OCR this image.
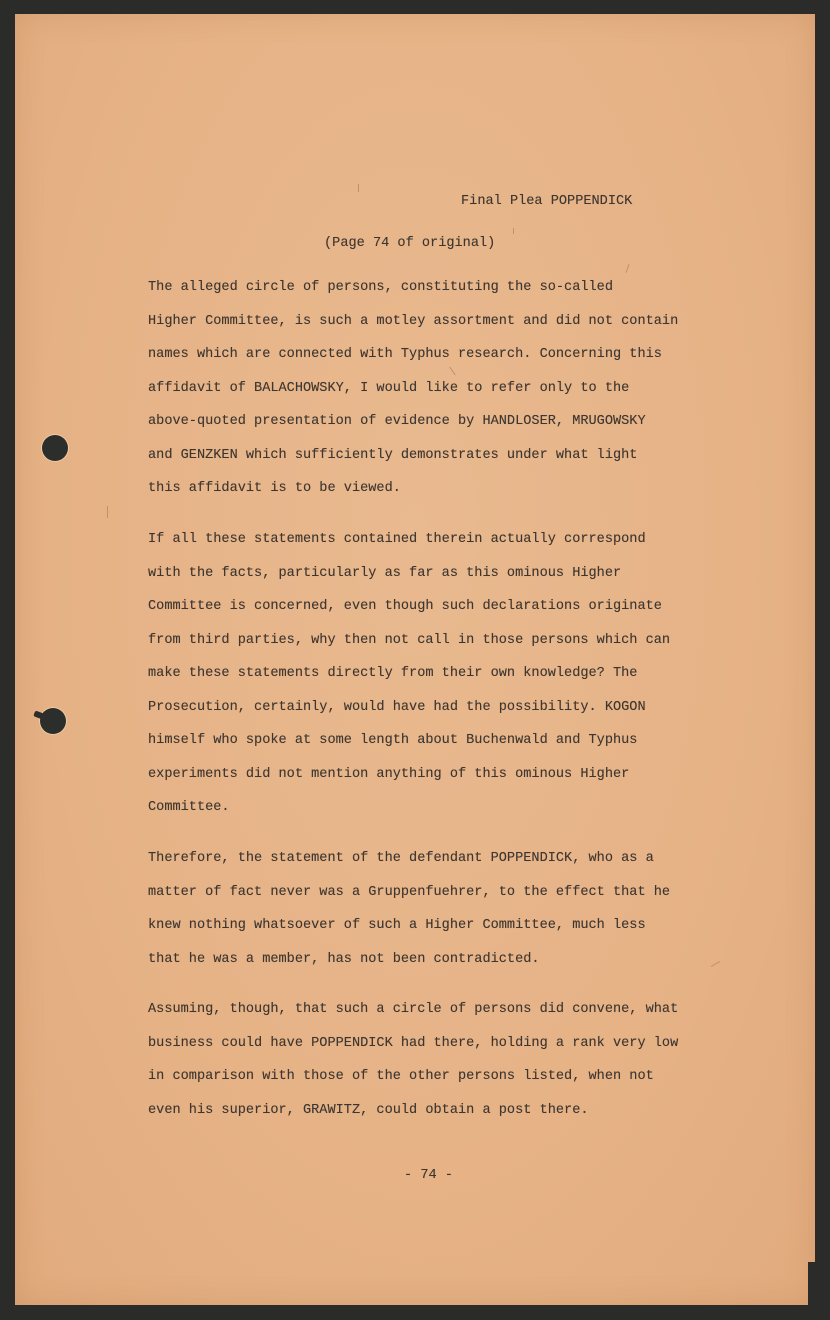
Final Plea POPPENDICK

(Page 74 of original)

The alleged circle of persons, constituting the so-called
Higher Committee, is such a motley assortment and did not contain
names which are connected with Typhus research. Concerning this
affidavit of BALACHOWSKY, I would like to refer only to the
above-quoted presentation of evidence by HANDLOSER, MRUGOWSKY
and GENZKEN which sufficiently demonstrates under what light
this affidavit is to be viewed.
If all these statements contained therein actually correspond
with the facts, particularly as far as this ominous Higher
Committee is concerned, even though such declarations originate
from third parties, why then not call in those persons which can
make these statements directly from their own knowledge? The
Prosecution, certainly, would have had the possibility. KOGON
himself who spoke at some length about Buchenwald and Typhus
experiments did not mention anything of this ominous Higher
Committee.
Therefore, the statement of the defendant POPPENDICK, who as a
matter of fact never was a Gruppenfuehrer, to the effect that he
knew nothing whatsoever of such a Higher Committee, much less
that he was a member, has not been contradicted.
Assuming, though, that such a circle of persons did convene, what
business could have POPPENDICK had there, holding a rank very low
in comparison with those of the other persons listed, when not
even his superior, GRAWITZ, could obtain a post there.

- 74 -
